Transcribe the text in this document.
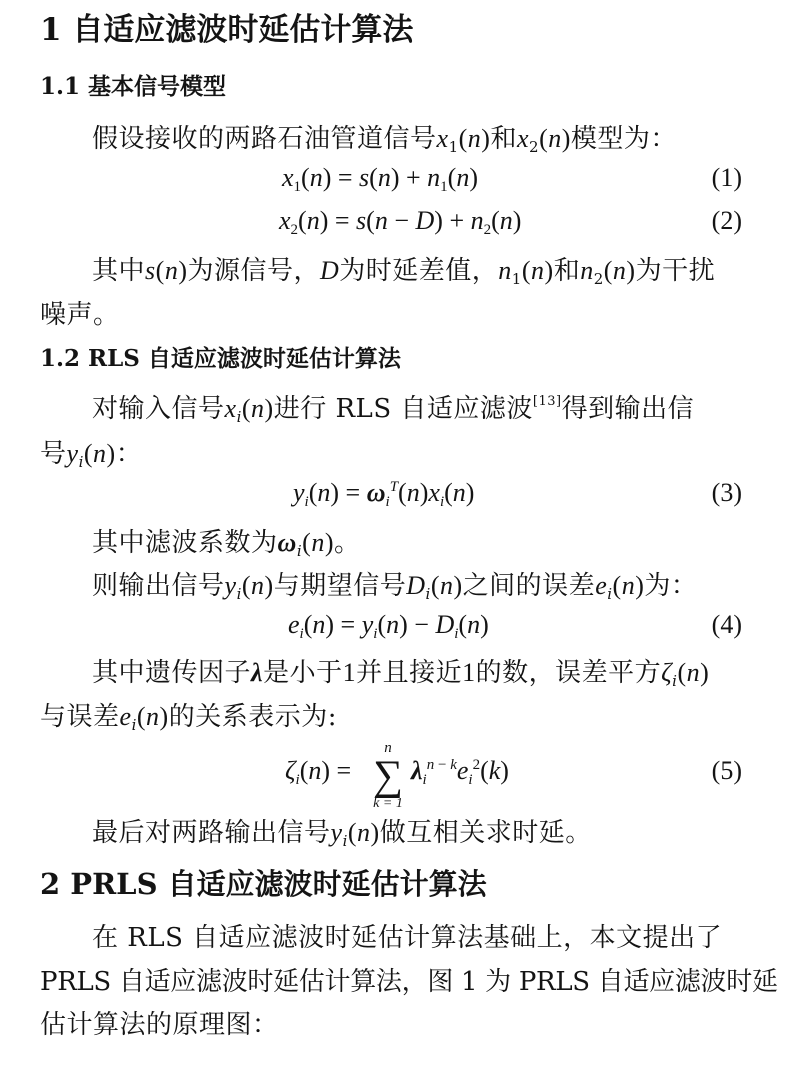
1 自适应滤波时延估计算法
1.1 基本信号模型
假设接收的两路石油管道信号$x_1(n)$和$x_2(n)$模型为：
$x_1(n) = s(n) + n_1(n)$	(1)
$x_2(n) = s(n - D) + n_2(n)$	(2)
其中s(n)为源信号，D为时延差值，$n_1(n)$和$n_2(n)$为干扰
噪声。
1.2 RLS 自适应滤波时延估计算法
对输入信号$x_i(n)$进行 RLS 自适应滤波[13]得到输出信
号$y_i(n)$：
$y_i(n) = \omega_i^T(n)x_i(n)$	(3)
其中滤波系数为$\omega_i(n)$。
则输出信号$y_i(n)$与期望信号$D_i(n)$之间的误差$e_i(n)$为：
$e_i(n) = y_i(n) - D_i(n)$	(4)
其中遗传因子λ是小于1并且接近1的数，误差平方$\zeta_i(n)$
与误差$e_i(n)$的关系表示为:
$\zeta_i(n)$ =
n
∑
k = 1
$\lambda_i^{n - k}e_i^2(k)$	(5)
最后对两路输出信号$y_i(n)$做互相关求时延。
2 PRLS 自适应滤波时延估计算法
在 RLS 自适应滤波时延估计算法基础上，本文提出了
PRLS 自适应滤波时延估计算法，图 1 为 PRLS 自适应滤波时延
估计算法的原理图：
